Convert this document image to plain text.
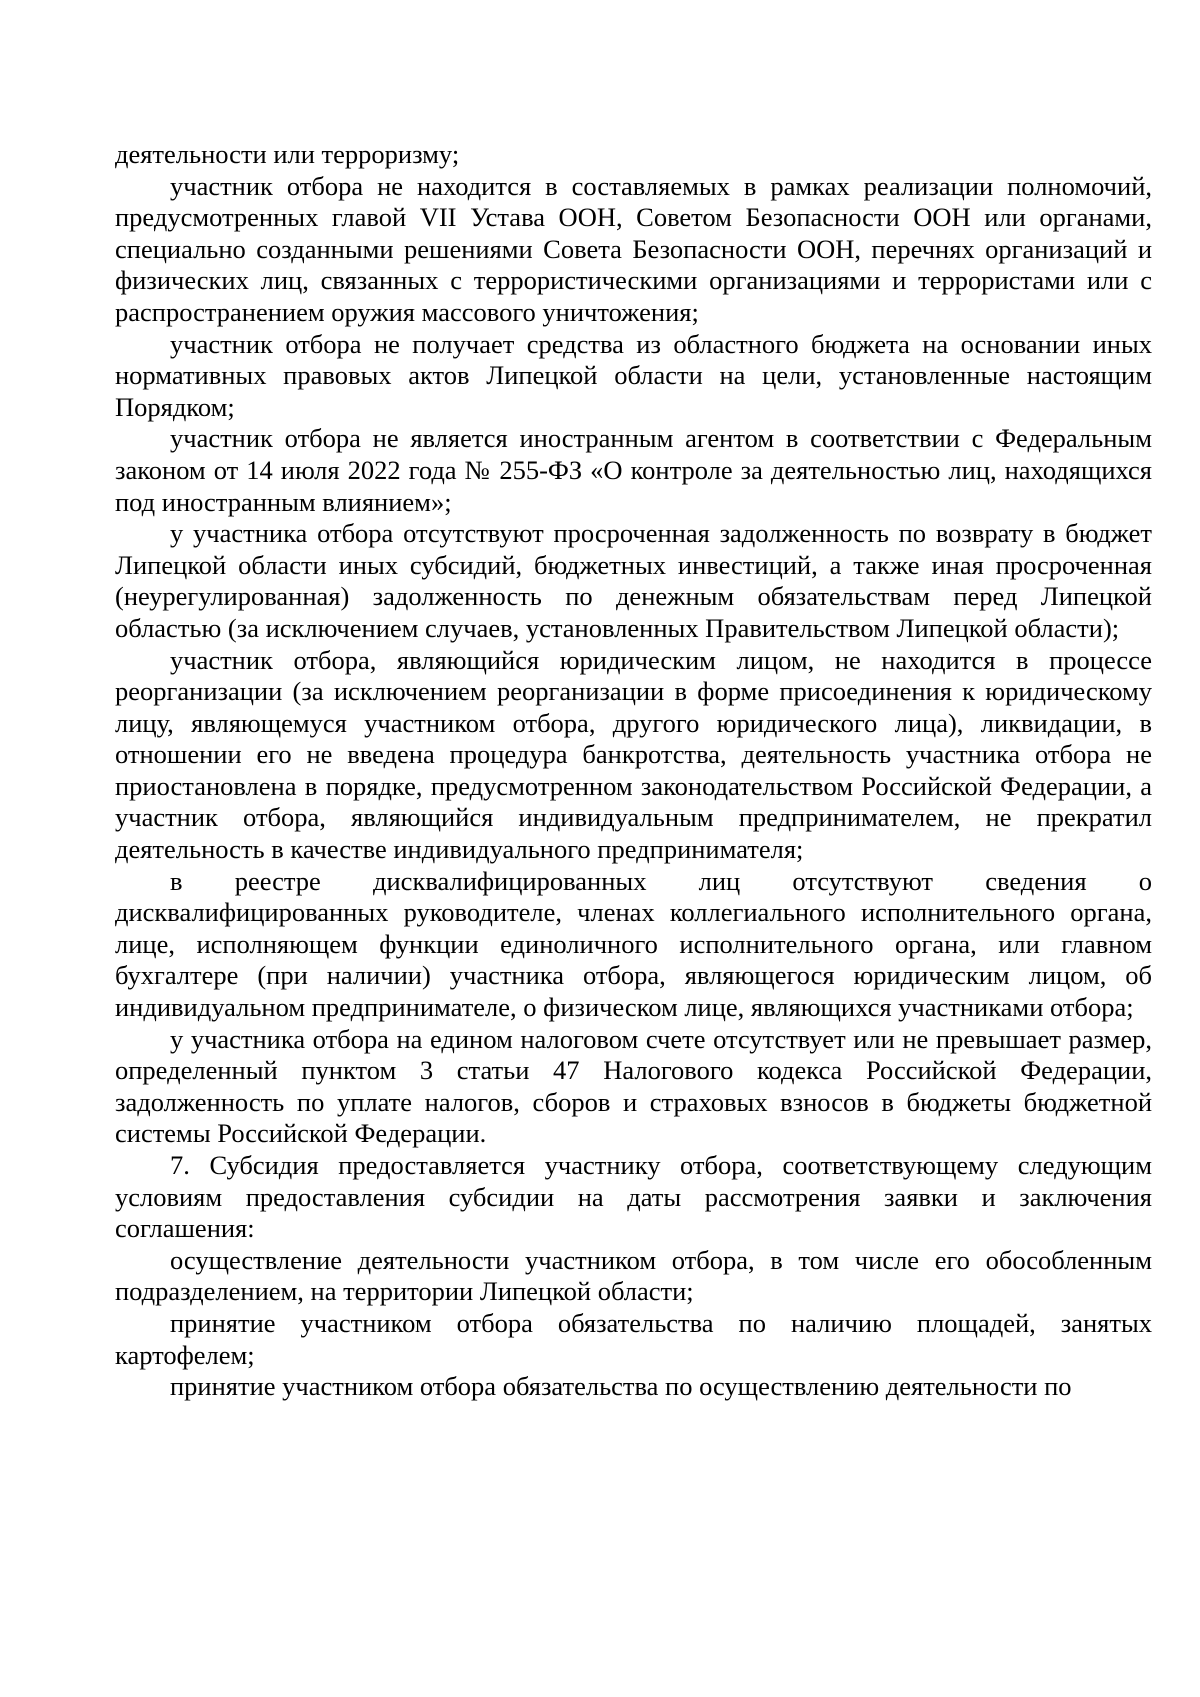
деятельности или терроризму;

участник отбора не находится в составляемых в рамках реализации полномочий, предусмотренных главой VII Устава ООН, Советом Безопасности ООН или органами, специально созданными решениями Совета Безопасности ООН, перечнях организаций и физических лиц, связанных с террористическими организациями и террористами или с распространением оружия массового уничтожения;

участник отбора не получает средства из областного бюджета на основании иных нормативных правовых актов Липецкой области на цели, установленные настоящим Порядком;

участник отбора не является иностранным агентом в соответствии с Федеральным законом от 14 июля 2022 года № 255-ФЗ «О контроле за деятельностью лиц, находящихся под иностранным влиянием»;

у участника отбора отсутствуют просроченная задолженность по возврату в бюджет Липецкой области иных субсидий, бюджетных инвестиций, а также иная просроченная (неурегулированная) задолженность по денежным обязательствам перед Липецкой областью (за исключением случаев, установленных Правительством Липецкой области);

участник отбора, являющийся юридическим лицом, не находится в процессе реорганизации (за исключением реорганизации в форме присоединения к юридическому лицу, являющемуся участником отбора, другого юридического лица), ликвидации, в отношении его не введена процедура банкротства, деятельность участника отбора не приостановлена в порядке, предусмотренном законодательством Российской Федерации, а участник отбора, являющийся индивидуальным предпринимателем, не прекратил деятельность в качестве индивидуального предпринимателя;

в реестре дисквалифицированных лиц отсутствуют сведения о дисквалифицированных руководителе, членах коллегиального исполнительного органа, лице, исполняющем функции единоличного исполнительного органа, или главном бухгалтере (при наличии) участника отбора, являющегося юридическим лицом, об индивидуальном предпринимателе, о физическом лице, являющихся участниками отбора;

у участника отбора на едином налоговом счете отсутствует или не превышает размер, определенный пунктом 3 статьи 47 Налогового кодекса Российской Федерации, задолженность по уплате налогов, сборов и страховых взносов в бюджеты бюджетной системы Российской Федерации.

7. Субсидия предоставляется участнику отбора, соответствующему следующим условиям предоставления субсидии на даты рассмотрения заявки и заключения соглашения:

осуществление деятельности участником отбора, в том числе его обособленным подразделением, на территории Липецкой области;

принятие участником отбора обязательства по наличию площадей, занятых картофелем;

принятие участником отбора обязательства по осуществлению деятельности по
